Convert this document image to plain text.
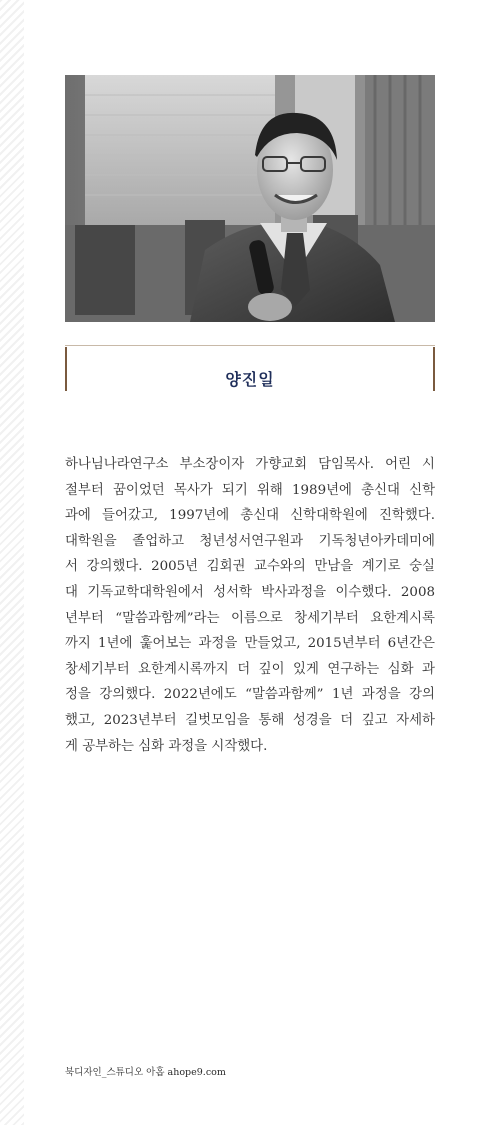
양진일
하나님나라연구소 부소장이자 가향교회 담임목사. 어린 시
절부터 꿈이었던 목사가 되기 위해 1989년에 총신대 신학
과에 들어갔고, 1997년에 총신대 신학대학원에 진학했다.
대학원을 졸업하고 청년성서연구원과 기독청년아카데미에
서 강의했다. 2005년 김회권 교수와의 만남을 계기로 숭실
대 기독교학대학원에서 성서학 박사과정을 이수했다. 2008
년부터 “말씀과함께”라는 이름으로 창세기부터 요한계시록
까지 1년에 훑어보는 과정을 만들었고, 2015년부터 6년간은
창세기부터 요한계시록까지 더 깊이 있게 연구하는 심화 과
정을 강의했다. 2022년에도 “말씀과함께” 1년 과정을 강의
했고, 2023년부터 길벗모임을 통해 성경을 더 깊고 자세하
게 공부하는 심화 과정을 시작했다.
북디자인_스튜디오 아홉 ahope9.com
